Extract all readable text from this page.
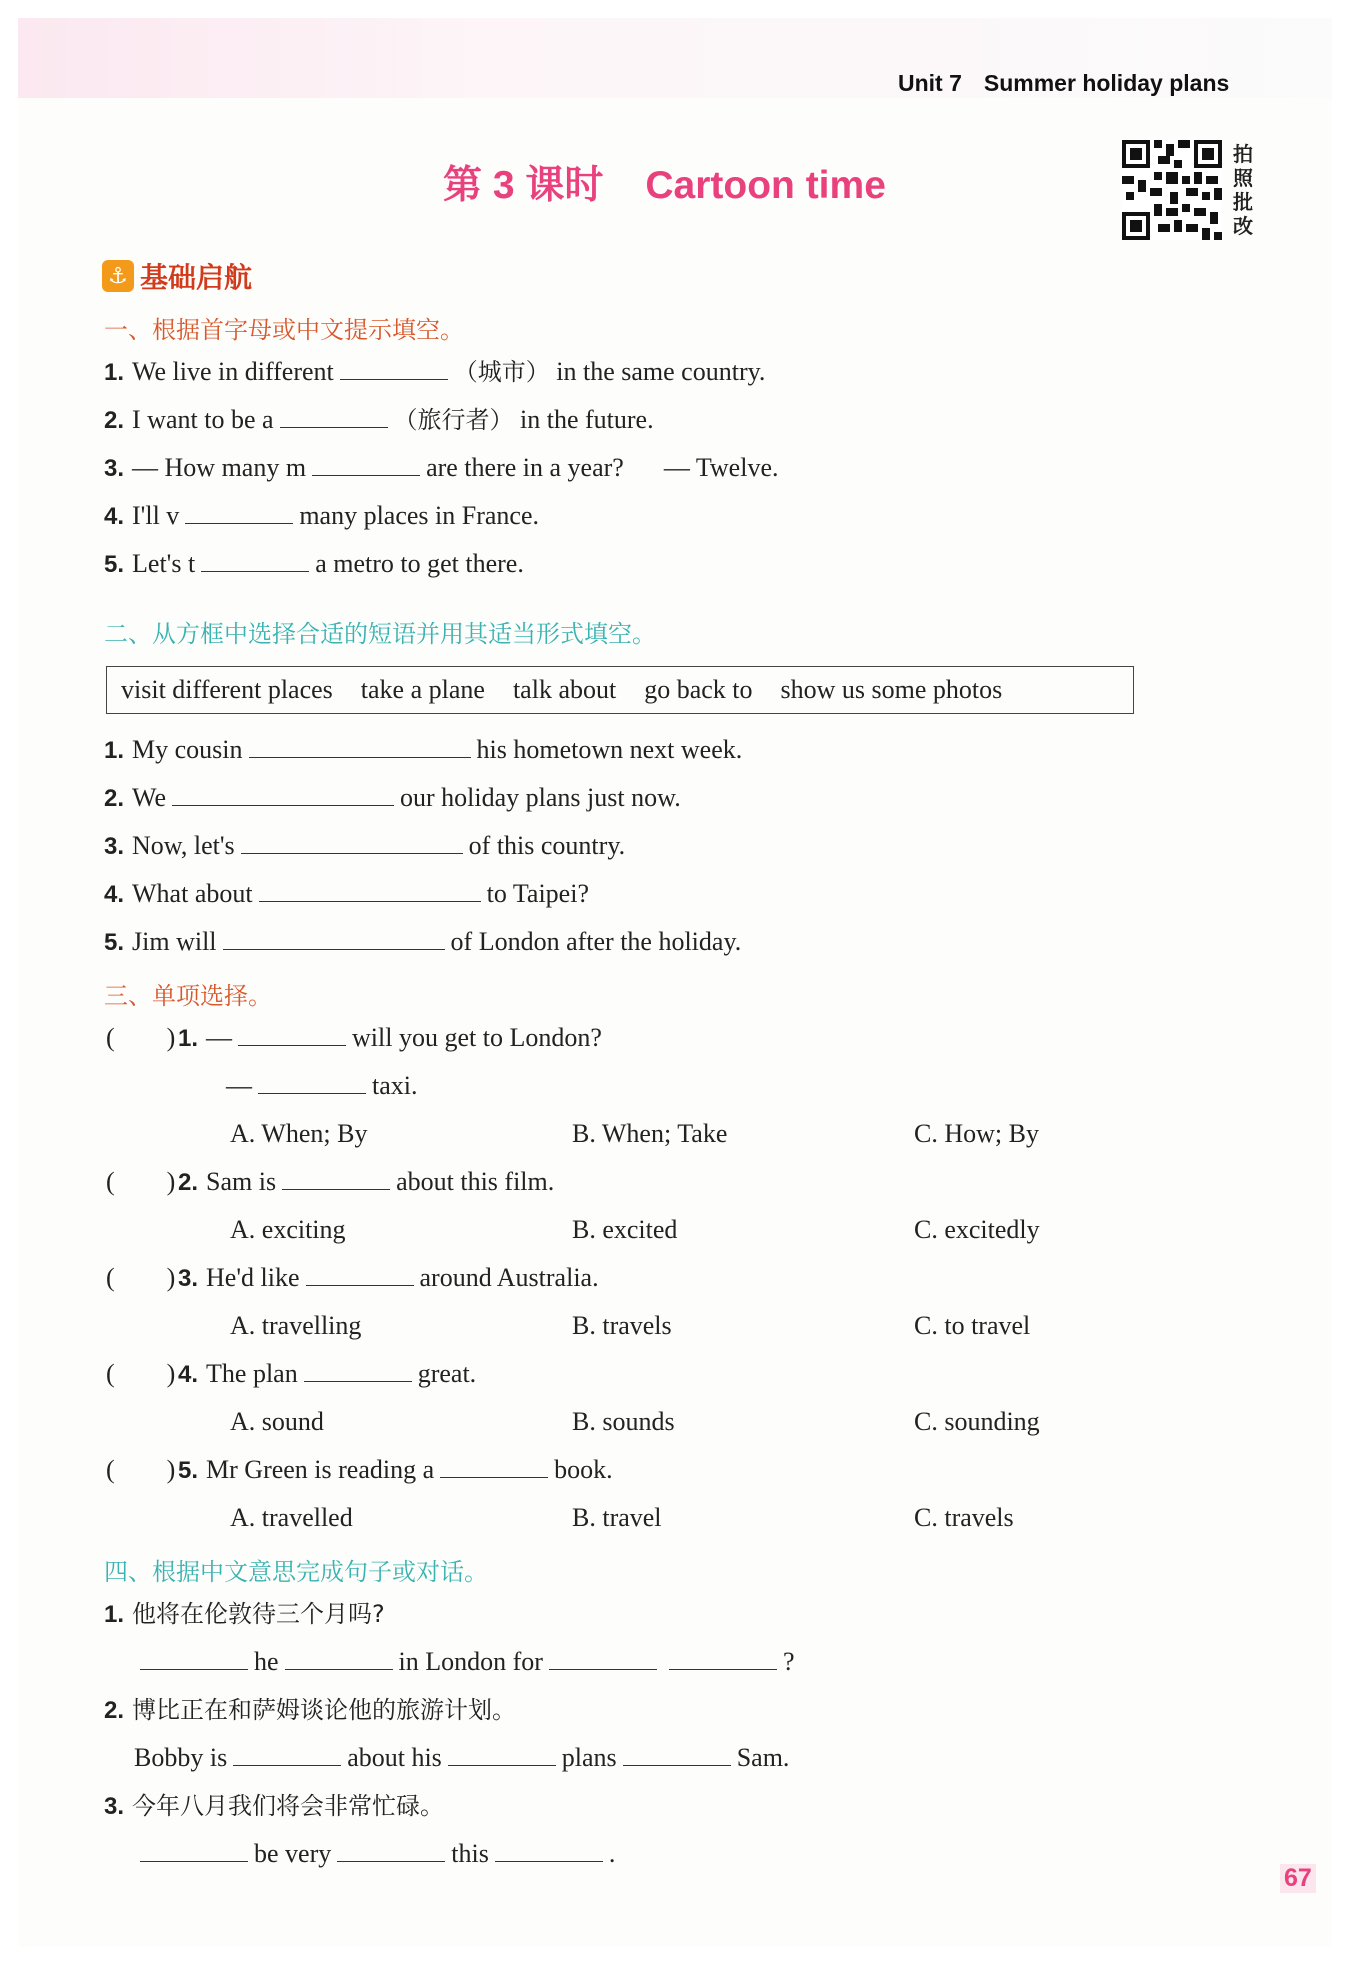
Unit 7 Summer holiday plans
第 3 课时 Cartoon time
拍
照
批
改
⚓ 基础启航
一、根据首字母或中文提示填空。
1. We live in different	（城市） in the same country.
2. I want to be a	（旅行者） in the future.
3. — How many m	are there in a year? — Twelve.
4. I'll v	many places in France.
5. Let's t	a metro to get there.
二、从方框中选择合适的短语并用其适当形式填空。
visit different places take a plane talk about go back to show us some photos
1. My cousin	his hometown next week.
2. We	our holiday plans just now.
3. Now, let's	of this country.
4. What about	to Taipei?
5. Jim will	of London after the holiday.
三、单项选择。
(　　) 1. —	will you get to London?
—	taxi.
A. When; By	B. When; Take	C. How; By
(　　) 2. Sam is	about this film.
A. exciting	B. excited	C. excitedly
(　　) 3. He'd like	around Australia.
A. travelling	B. travels	C. to travel
(　　) 4. The plan	great.
A. sound	B. sounds	C. sounding
(　　) 5. Mr Green is reading a	book.
A. travelled	B. travel	C. travels
四、根据中文意思完成句子或对话。
1. 他将在伦敦待三个月吗?
he	in London for	?
2. 博比正在和萨姆谈论他的旅游计划。
Bobby is	about his	plans	Sam.
3. 今年八月我们将会非常忙碌。
be very	this	.
67
